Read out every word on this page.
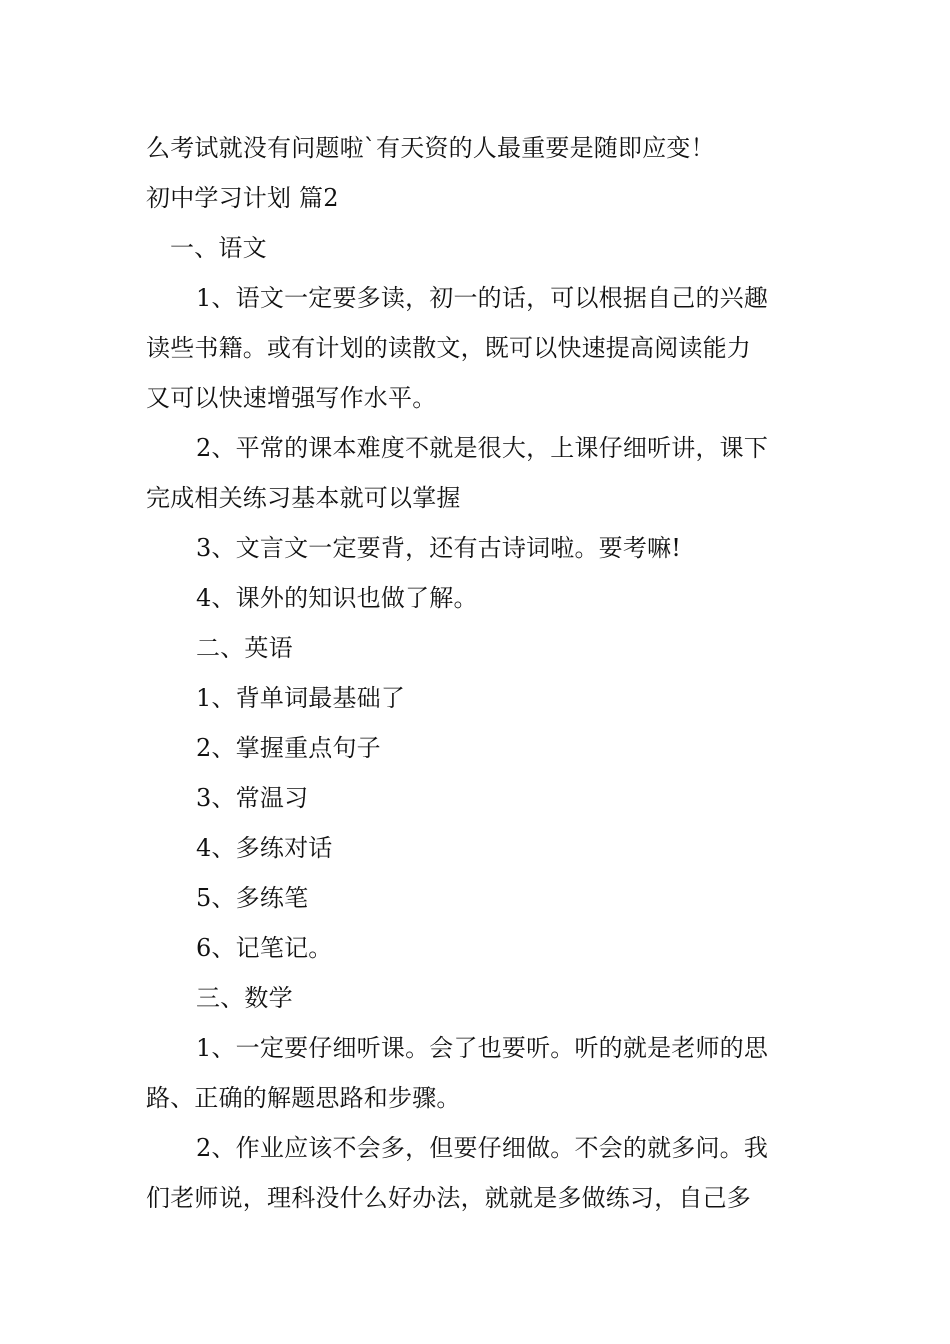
么考试就没有问题啦`有天资的人最重要是随即应变！
初中学习计划 篇2
一、语文
1、语文一定要多读，初一的话，可以根据自己的兴趣
读些书籍。或有计划的读散文，既可以快速提高阅读能力
又可以快速增强写作水平。
2、平常的课本难度不就是很大，上课仔细听讲，课下
完成相关练习基本就可以掌握
3、文言文一定要背，还有古诗词啦。要考嘛!
4、课外的知识也做了解。
二、英语
1、背单词最基础了
2、掌握重点句子
3、常温习
4、多练对话
5、多练笔
6、记笔记。
三、数学
1、一定要仔细听课。会了也要听。听的就是老师的思
路、正确的解题思路和步骤。
2、作业应该不会多，但要仔细做。不会的就多问。我
们老师说，理科没什么好办法，就就是多做练习，自己多
